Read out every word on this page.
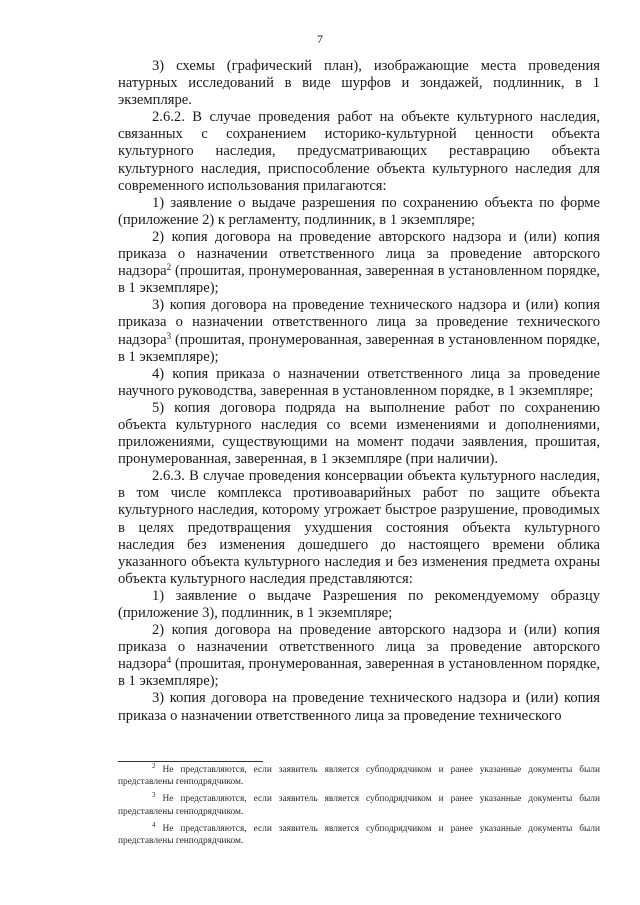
7

3) схемы (графический план), изображающие места проведения натурных исследований в виде шурфов и зондажей, подлинник, в 1 экземпляре.

2.6.2. В случае проведения работ на объекте культурного наследия, связанных с сохранением историко-культурной ценности объекта культурного наследия, предусматривающих реставрацию объекта культурного наследия, приспособление объекта культурного наследия для современного использования прилагаются:

1) заявление о выдаче разрешения по сохранению объекта по форме (приложение 2) к регламенту, подлинник, в 1 экземпляре;

2) копия договора на проведение авторского надзора и (или) копия приказа о назначении ответственного лица за проведение авторского надзора$^2$ (прошитая, пронумерованная, заверенная в установленном порядке, в 1 экземпляре);

3) копия договора на проведение технического надзора и (или) копия приказа о назначении ответственного лица за проведение технического надзора$^3$ (прошитая, пронумерованная, заверенная в установленном порядке, в 1 экземпляре);

4) копия приказа о назначении ответственного лица за проведение научного руководства, заверенная в установленном порядке, в 1 экземпляре;

5) копия договора подряда на выполнение работ по сохранению объекта культурного наследия со всеми изменениями и дополнениями, приложениями, существующими на момент подачи заявления, прошитая, пронумерованная, заверенная, в 1 экземпляре (при наличии).

2.6.3. В случае проведения консервации объекта культурного наследия, в том числе комплекса противоаварийных работ по защите объекта культурного наследия, которому угрожает быстрое разрушение, проводимых в целях предотвращения ухудшения состояния объекта культурного наследия без изменения дошедшего до настоящего времени облика указанного объекта культурного наследия и без изменения предмета охраны объекта культурного наследия представляются:

1) заявление о выдаче Разрешения по рекомендуемому образцу (приложение 3), подлинник, в 1 экземпляре;

2) копия договора на проведение авторского надзора и (или) копия приказа о назначении ответственного лица за проведение авторского надзора$^4$ (прошитая, пронумерованная, заверенная в установленном порядке, в 1 экземпляре);

3) копия договора на проведение технического надзора и (или) копия приказа о назначении ответственного лица за проведение технического

$^2$ Не представляются, если заявитель является субподрядчиком и ранее указанные документы были представлены генподрядчиком.

$^3$ Не представляются, если заявитель является субподрядчиком и ранее указанные документы были представлены генподрядчиком.

$^4$ Не представляются, если заявитель является субподрядчиком и ранее указанные документы были представлены генподрядчиком.
